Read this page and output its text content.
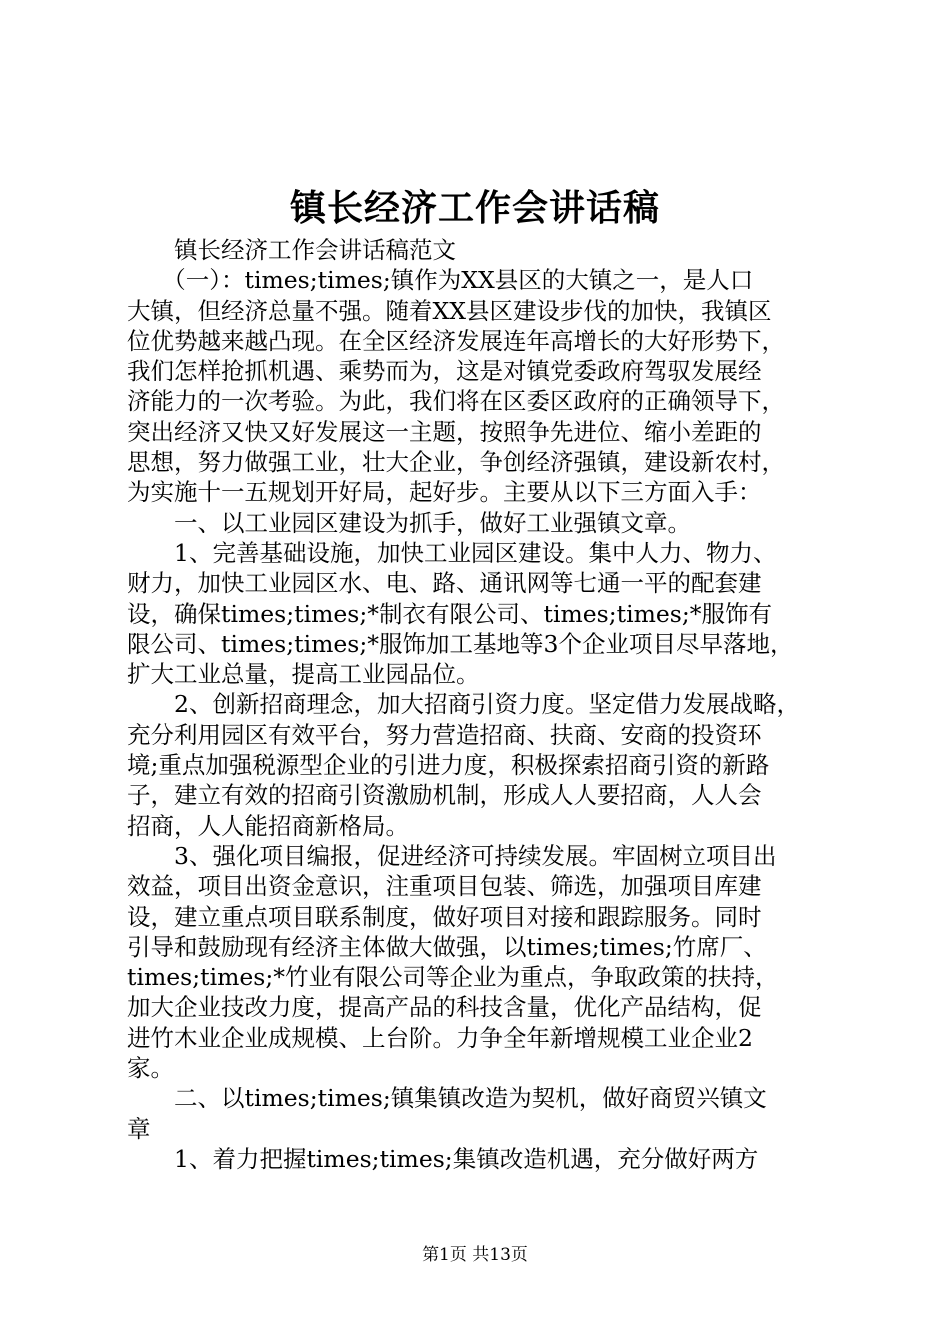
镇长经济工作会讲话稿
　　镇长经济工作会讲话稿范文
　　（一）：times;times;镇作为XX县区的大镇之一，是人口
大镇，但经济总量不强。随着XX县区建设步伐的加快，我镇区
位优势越来越凸现。在全区经济发展连年高增长的大好形势下，
我们怎样抢抓机遇、乘势而为，这是对镇党委政府驾驭发展经
济能力的一次考验。为此，我们将在区委区政府的正确领导下，
突出经济又快又好发展这一主题，按照争先进位、缩小差距的
思想，努力做强工业，壮大企业，争创经济强镇，建设新农村，
为实施十一五规划开好局，起好步。主要从以下三方面入手：
　　一、以工业园区建设为抓手，做好工业强镇文章。
　　1、完善基础设施，加快工业园区建设。集中人力、物力、
财力，加快工业园区水、电、路、通讯网等七通一平的配套建
设，确保times;times;*制衣有限公司、times;times;*服饰有
限公司、times;times;*服饰加工基地等3个企业项目尽早落地，
扩大工业总量，提高工业园品位。
　　2、创新招商理念，加大招商引资力度。坚定借力发展战略，
充分利用园区有效平台，努力营造招商、扶商、安商的投资环
境;重点加强税源型企业的引进力度，积极探索招商引资的新路
子，建立有效的招商引资激励机制，形成人人要招商，人人会
招商，人人能招商新格局。
　　3、强化项目编报，促进经济可持续发展。牢固树立项目出
效益，项目出资金意识，注重项目包装、筛选，加强项目库建
设，建立重点项目联系制度，做好项目对接和跟踪服务。同时
引导和鼓励现有经济主体做大做强，以times;times;竹席厂、
times;times;*竹业有限公司等企业为重点，争取政策的扶持，
加大企业技改力度，提高产品的科技含量，优化产品结构，促
进竹木业企业成规模、上台阶。力争全年新增规模工业企业2
家。
　　二、以times;times;镇集镇改造为契机，做好商贸兴镇文
章
　　1、着力把握times;times;集镇改造机遇，充分做好两方
第1页 共13页
